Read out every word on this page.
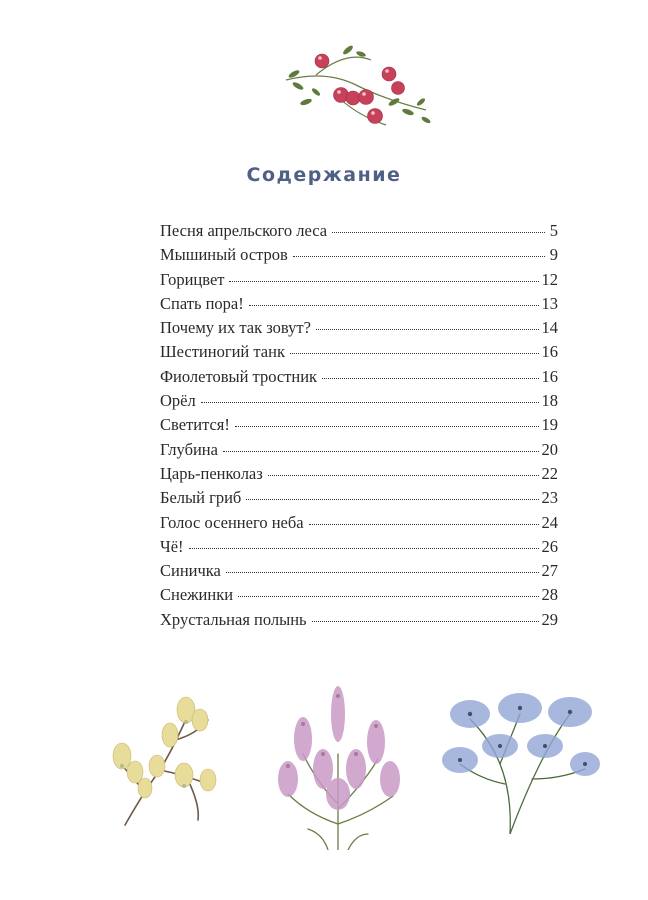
Содержание
Песня апрельского леса	5
Мышиный остров	9
Горицвет	12
Спать пора!	13
Почему их так зовут?	14
Шестиногий танк	16
Фиолетовый тростник	16
Орёл	18
Светится!	19
Глубина	20
Царь-пенколаз	22
Белый гриб	23
Голос осеннего неба	24
Чё!	26
Синичка	27
Снежинки	28
Хрустальная полынь	29
